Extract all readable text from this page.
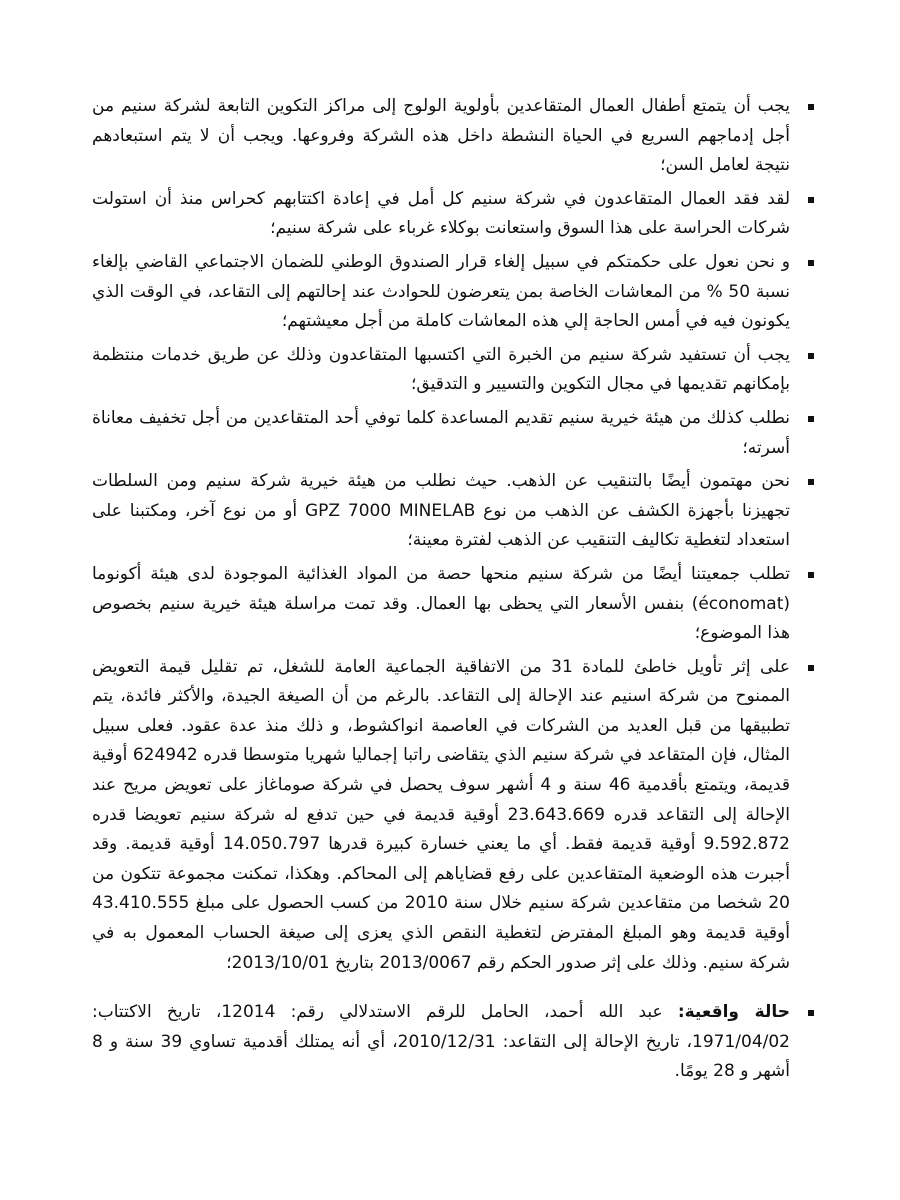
يجب أن يتمتع أطفال العمال المتقاعدين بأولوية الولوج إلى مراكز التكوين التابعة لشركة سنيم من أجل إدماجهم السريع في الحياة النشطة داخل هذه الشركة وفروعها. ويجب أن لا يتم استبعادهم نتيجة لعامل السن؛
لقد فقد العمال المتقاعدون في شركة سنيم كل أمل في إعادة اكتتابهم كحراس منذ أن استولت شركات الحراسة على هذا السوق واستعانت بوكلاء غرباء على شركة سنيم؛
و نحن نعول على حكمتكم في سبيل إلغاء قرار الصندوق الوطني للضمان الاجتماعي القاضي بإلغاء نسبة 50 % من المعاشات الخاصة بمن يتعرضون للحوادث عند إحالتهم إلى التقاعد، في الوقت الذي يكونون فيه في أمس الحاجة إلي هذه المعاشات كاملة من أجل معيشتهم؛
يجب أن تستفيد شركة سنيم من الخبرة التي اكتسبها المتقاعدون وذلك عن طريق خدمات منتظمة بإمكانهم تقديمها في مجال التكوين والتسيير و التدقيق؛
نطلب كذلك من هيئة خيرية سنيم تقديم المساعدة كلما توفي أحد المتقاعدين من أجل تخفيف معاناة أسرته؛
نحن مهتمون أيضًا بالتنقيب عن الذهب. حيث نطلب من هيئة خيرية شركة سنيم ومن السلطات تجهيزنا بأجهزة الكشف عن الذهب من نوع GPZ 7000 MINELAB أو من نوع آخر، ومكتبنا على استعداد لتغطية تكاليف التنقيب عن الذهب لفترة معينة؛
تطلب جمعيتنا أيضًا من شركة سنيم منحها حصة من المواد الغذائية الموجودة لدى هيئة أكونوما (économat) بنفس الأسعار التي يحظى بها العمال. وقد تمت مراسلة هيئة خيرية سنيم بخصوص هذا الموضوع؛
على إثر تأويل خاطئ للمادة 31 من الاتفاقية الجماعية العامة للشغل، تم تقليل قيمة التعويض الممنوح من شركة اسنيم عند الإحالة إلى التقاعد. بالرغم من أن الصيغة الجيدة، والأكثر فائدة، يتم تطبيقها من قبل العديد من الشركات في العاصمة انواكشوط، و ذلك منذ عدة عقود. فعلى سبيل المثال، فإن المتقاعد في شركة سنيم الذي يتقاضى راتبا إجماليا شهريا متوسطا قدره 624942 أوقية قديمة، ويتمتع بأقدمية 46 سنة و 4 أشهر سوف يحصل في شركة صوماغاز على تعويض مريح عند الإحالة إلى التقاعد قدره 23.643.669 أوقية قديمة في حين تدفع له شركة سنيم تعويضا قدره 9.592.872 أوقية قديمة فقط. أي ما يعني خسارة كبيرة قدرها 14.050.797 أوقية قديمة. وقد أجبرت هذه الوضعية المتقاعدين على رفع قضاياهم إلى المحاكم. وهكذا، تمكنت مجموعة تتكون من 20 شخصا من متقاعدين شركة سنيم خلال سنة 2010 من كسب الحصول على مبلغ 43.410.555 أوقية قديمة وهو المبلغ المفترض لتغطية النقص الذي يعزى إلى صيغة الحساب المعمول به في شركة سنيم. وذلك على إثر صدور الحكم رقم 2013/0067 بتاريخ 2013/10/01؛
حالة واقعية: عبد الله أحمد، الحامل للرقم الاستدلالي رقم: 12014، تاريخ الاكتتاب: 1971/04/02، تاريخ الإحالة إلى التقاعد: 2010/12/31، أي أنه يمتلك أقدمية تساوي 39 سنة و 8 أشهر و 28 يومًا.
